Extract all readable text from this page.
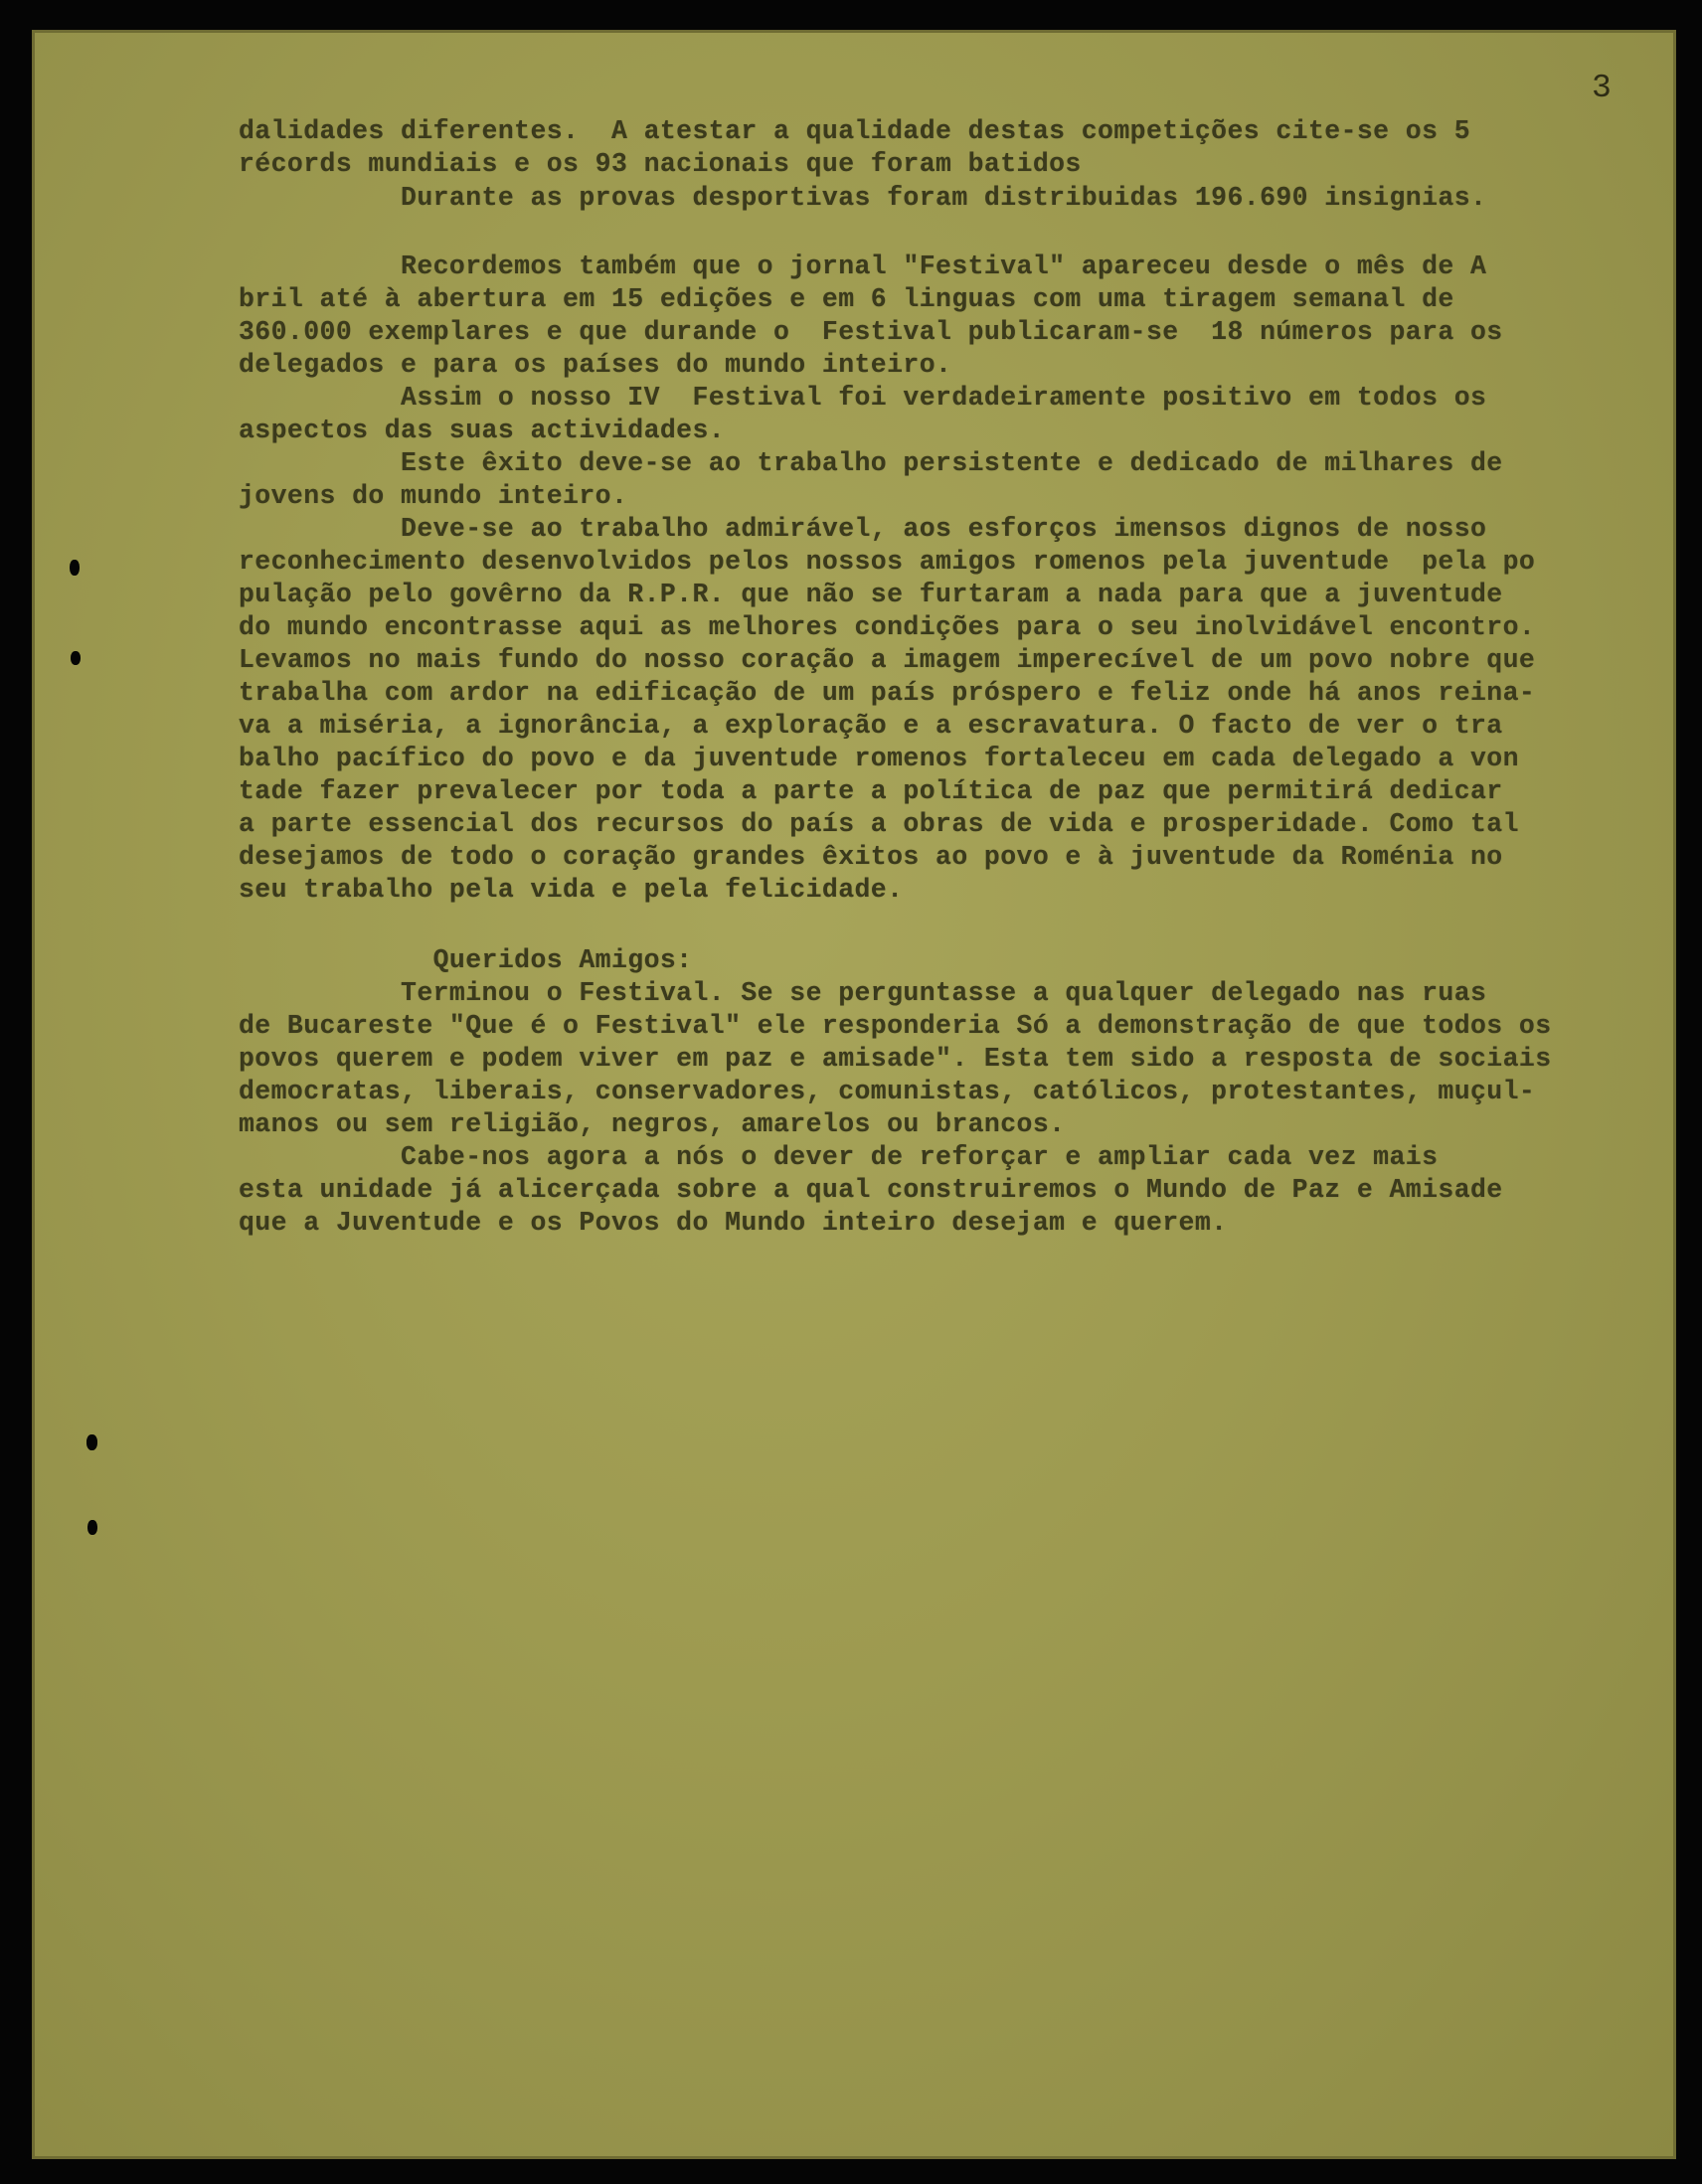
3
dalidades diferentes.  A atestar a qualidade destas competições cite-se os 5
récords mundiais e os 93 nacionais que foram batidos
Durante as provas desportivas foram distribuidas 196.690 insignias.
Recordemos também que o jornal "Festival" apareceu desde o mês de A
bril até à abertura em 15 edições e em 6 linguas com uma tiragem semanal de
360.000 exemplares e que durande o  Festival publicaram-se  18 números para os
delegados e para os países do mundo inteiro.
Assim o nosso IV  Festival foi verdadeiramente positivo em todos os
aspectos das suas actividades.
Este êxito deve-se ao trabalho persistente e dedicado de milhares de
jovens do mundo inteiro.
Deve-se ao trabalho admirável, aos esforços imensos dignos de nosso
reconhecimento desenvolvidos pelos nossos amigos romenos pela juventude  pela po
pulação pelo govêrno da R.P.R. que não se furtaram a nada para que a juventude
do mundo encontrasse aqui as melhores condições para o seu inolvidável encontro.
Levamos no mais fundo do nosso coração a imagem imperecível de um povo nobre que
trabalha com ardor na edificação de um país próspero e feliz onde há anos reina-
va a miséria, a ignorância, a exploração e a escravatura. O facto de ver o tra
balho pacífico do povo e da juventude romenos fortaleceu em cada delegado a von
tade fazer prevalecer por toda a parte a política de paz que permitirá dedicar
a parte essencial dos recursos do país a obras de vida e prosperidade. Como tal
desejamos de todo o coração grandes êxitos ao povo e à juventude da Roménia no
seu trabalho pela vida e pela felicidade.
Queridos Amigos:
Terminou o Festival. Se se perguntasse a qualquer delegado nas ruas
de Bucareste "Que é o Festival" ele responderia Só a demonstração de que todos os
povos querem e podem viver em paz e amisade". Esta tem sido a resposta de sociais
democratas, liberais, conservadores, comunistas, católicos, protestantes, muçul-
manos ou sem religião, negros, amarelos ou brancos.
Cabe-nos agora a nós o dever de reforçar e ampliar cada vez mais
esta unidade já alicerçada sobre a qual construiremos o Mundo de Paz e Amisade
que a Juventude e os Povos do Mundo inteiro desejam e querem.
